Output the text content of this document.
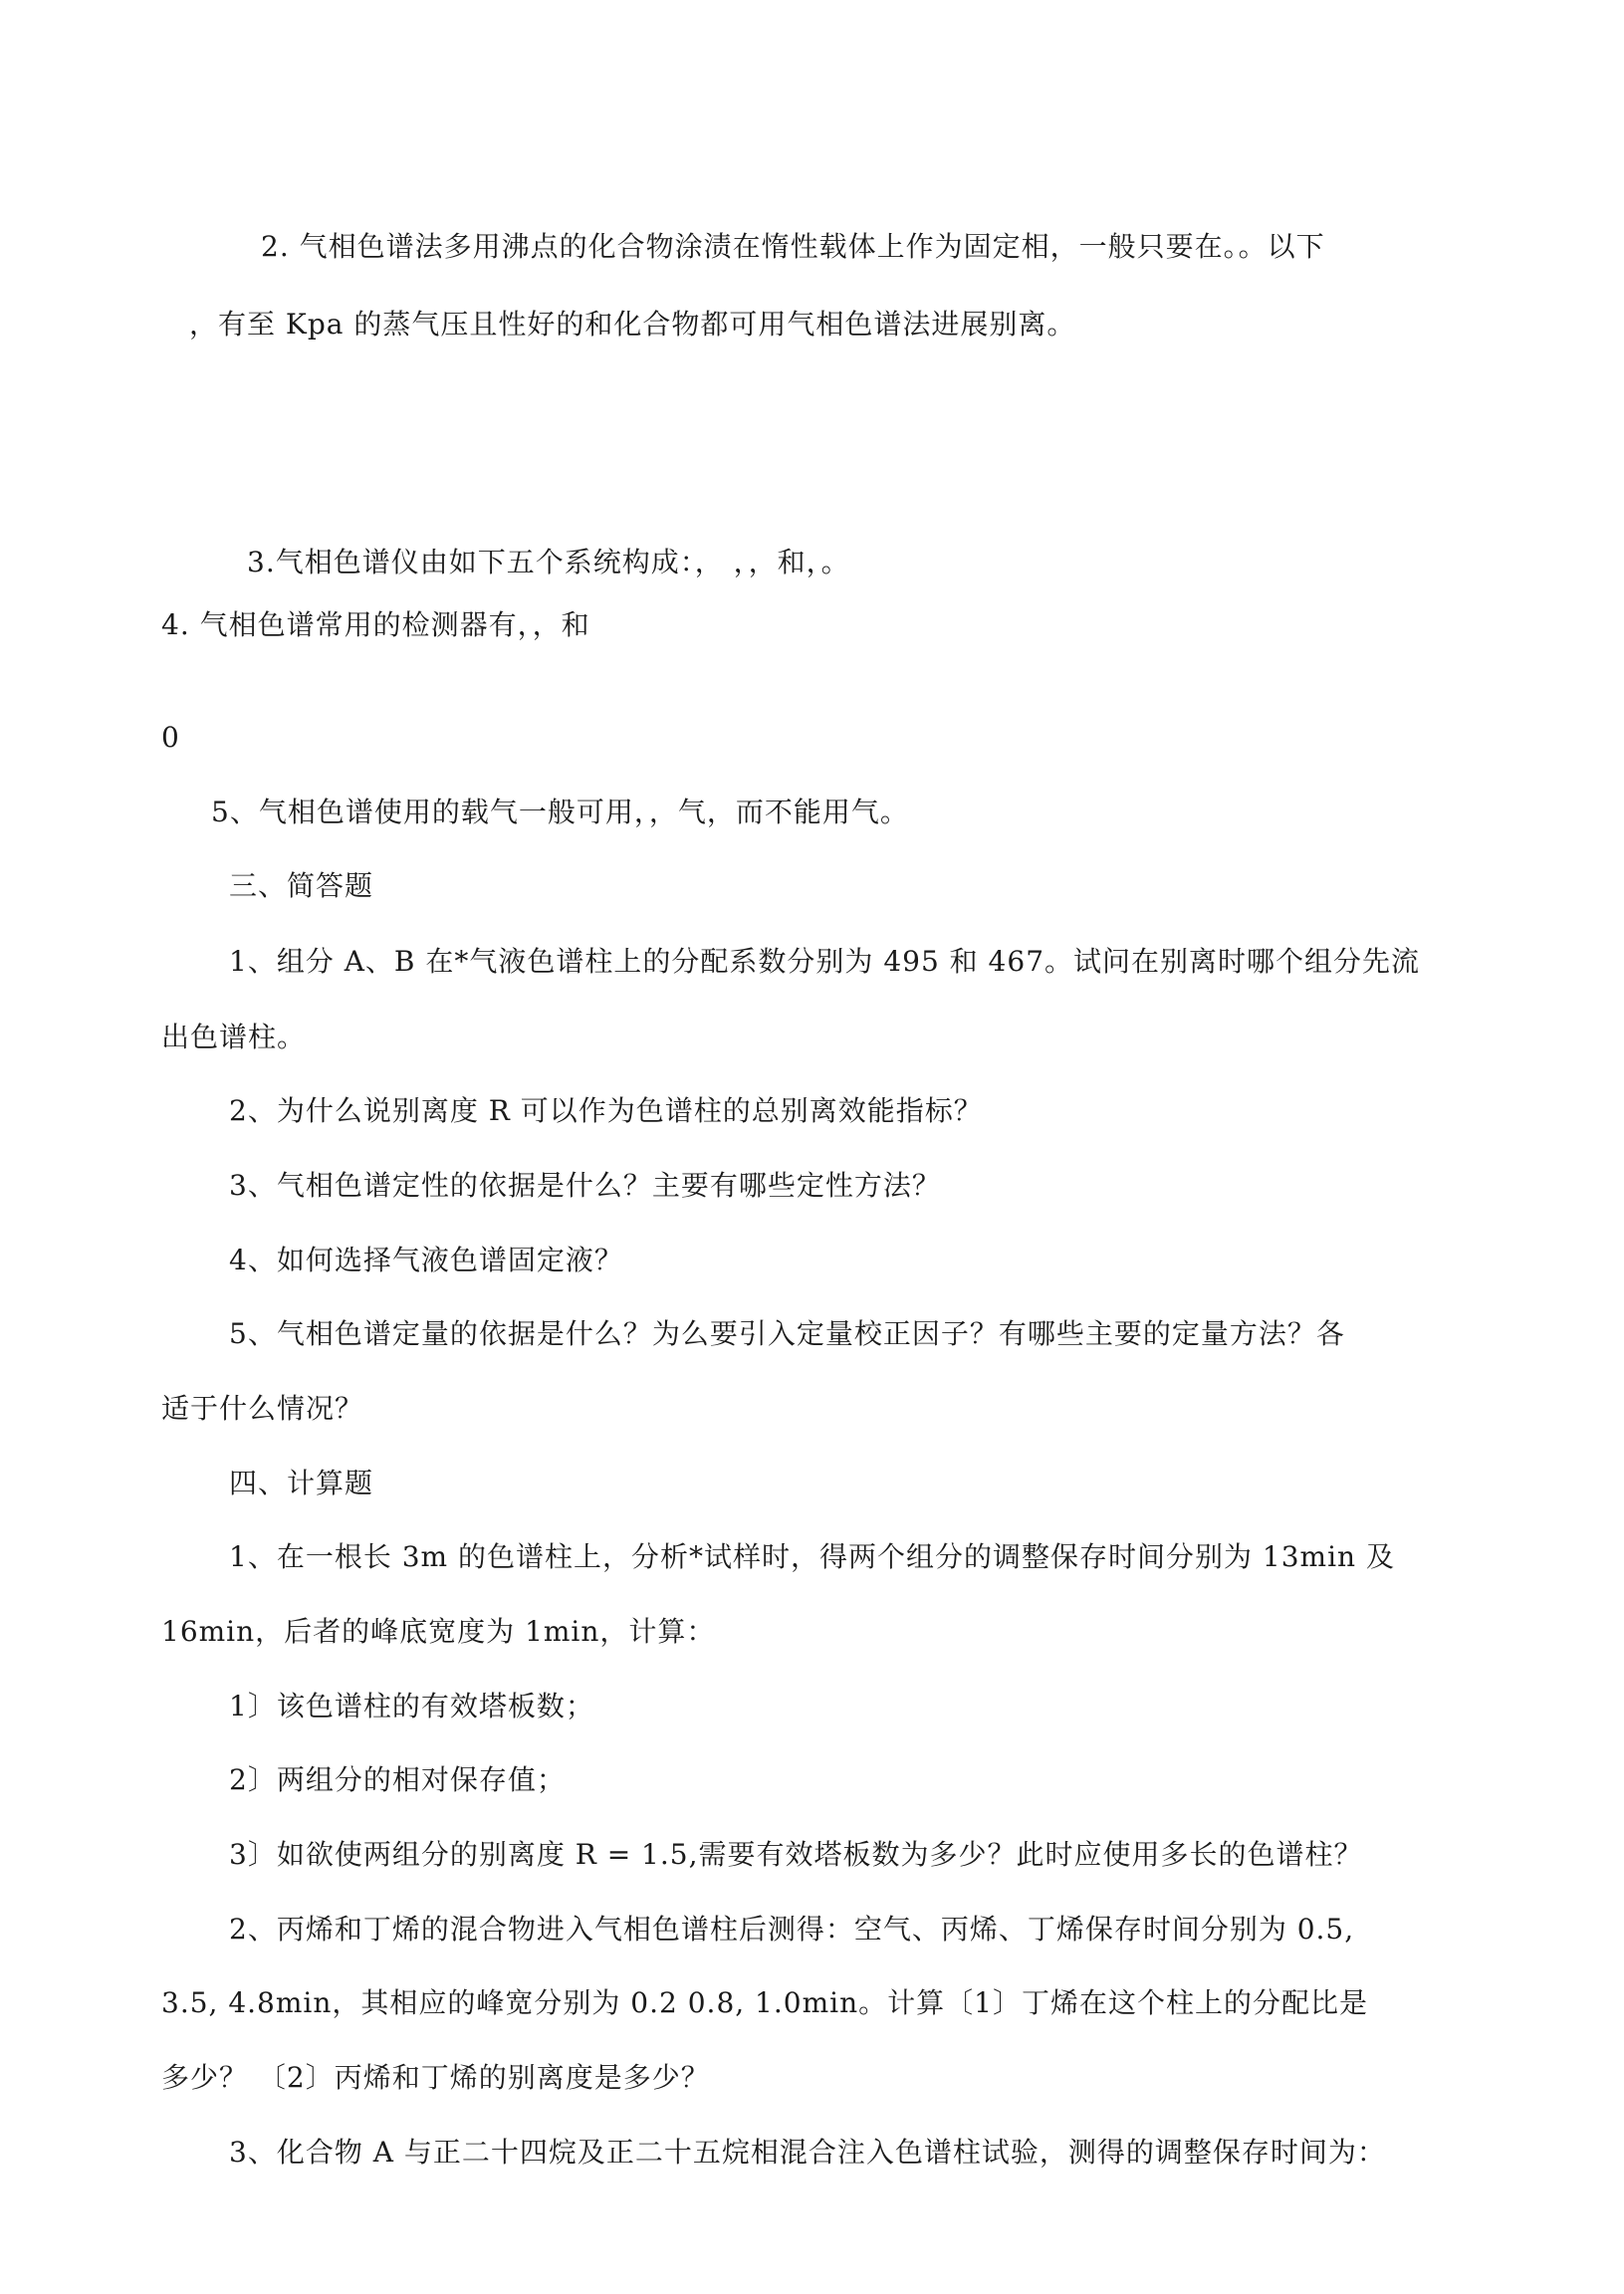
2. 气相色谱法多用沸点的化合物涂渍在惰性载体上作为固定相，一般只要在。。以下
，有至 Kpa 的蒸气压且性好的和化合物都可用气相色谱法进展别离。
3.气相色谱仪由如下五个系统构成：， ，，和，。
4. 气相色谱常用的检测器有，，和
0
5、气相色谱使用的载气一般可用，，气，而不能用气。
三、简答题
1、组分 A、B 在*气液色谱柱上的分配系数分别为 495 和 467。试问在别离时哪个组分先流
出色谱柱。
2、为什么说别离度 R 可以作为色谱柱的总别离效能指标？
3、气相色谱定性的依据是什么？主要有哪些定性方法？
4、如何选择气液色谱固定液？
5、气相色谱定量的依据是什么？为么要引入定量校正因子？有哪些主要的定量方法？各
适于什么情况？
四、计算题
1、在一根长 3m 的色谱柱上，分析*试样时，得两个组分的调整保存时间分别为 13min 及
16min，后者的峰底宽度为 1min，计算：
1〕该色谱柱的有效塔板数；
2〕两组分的相对保存值；
3〕如欲使两组分的别离度 R = 1.5,需要有效塔板数为多少？此时应使用多长的色谱柱？
2、丙烯和丁烯的混合物进入气相色谱柱后测得：空气、丙烯、丁烯保存时间分别为 0.5,
3.5, 4.8min，其相应的峰宽分别为 0.2 0.8, 1.0min。计算〔1〕丁烯在这个柱上的分配比是
多少？ 〔2〕丙烯和丁烯的别离度是多少？
3、化合物 A 与正二十四烷及正二十五烷相混合注入色谱柱试验，测得的调整保存时间为：
